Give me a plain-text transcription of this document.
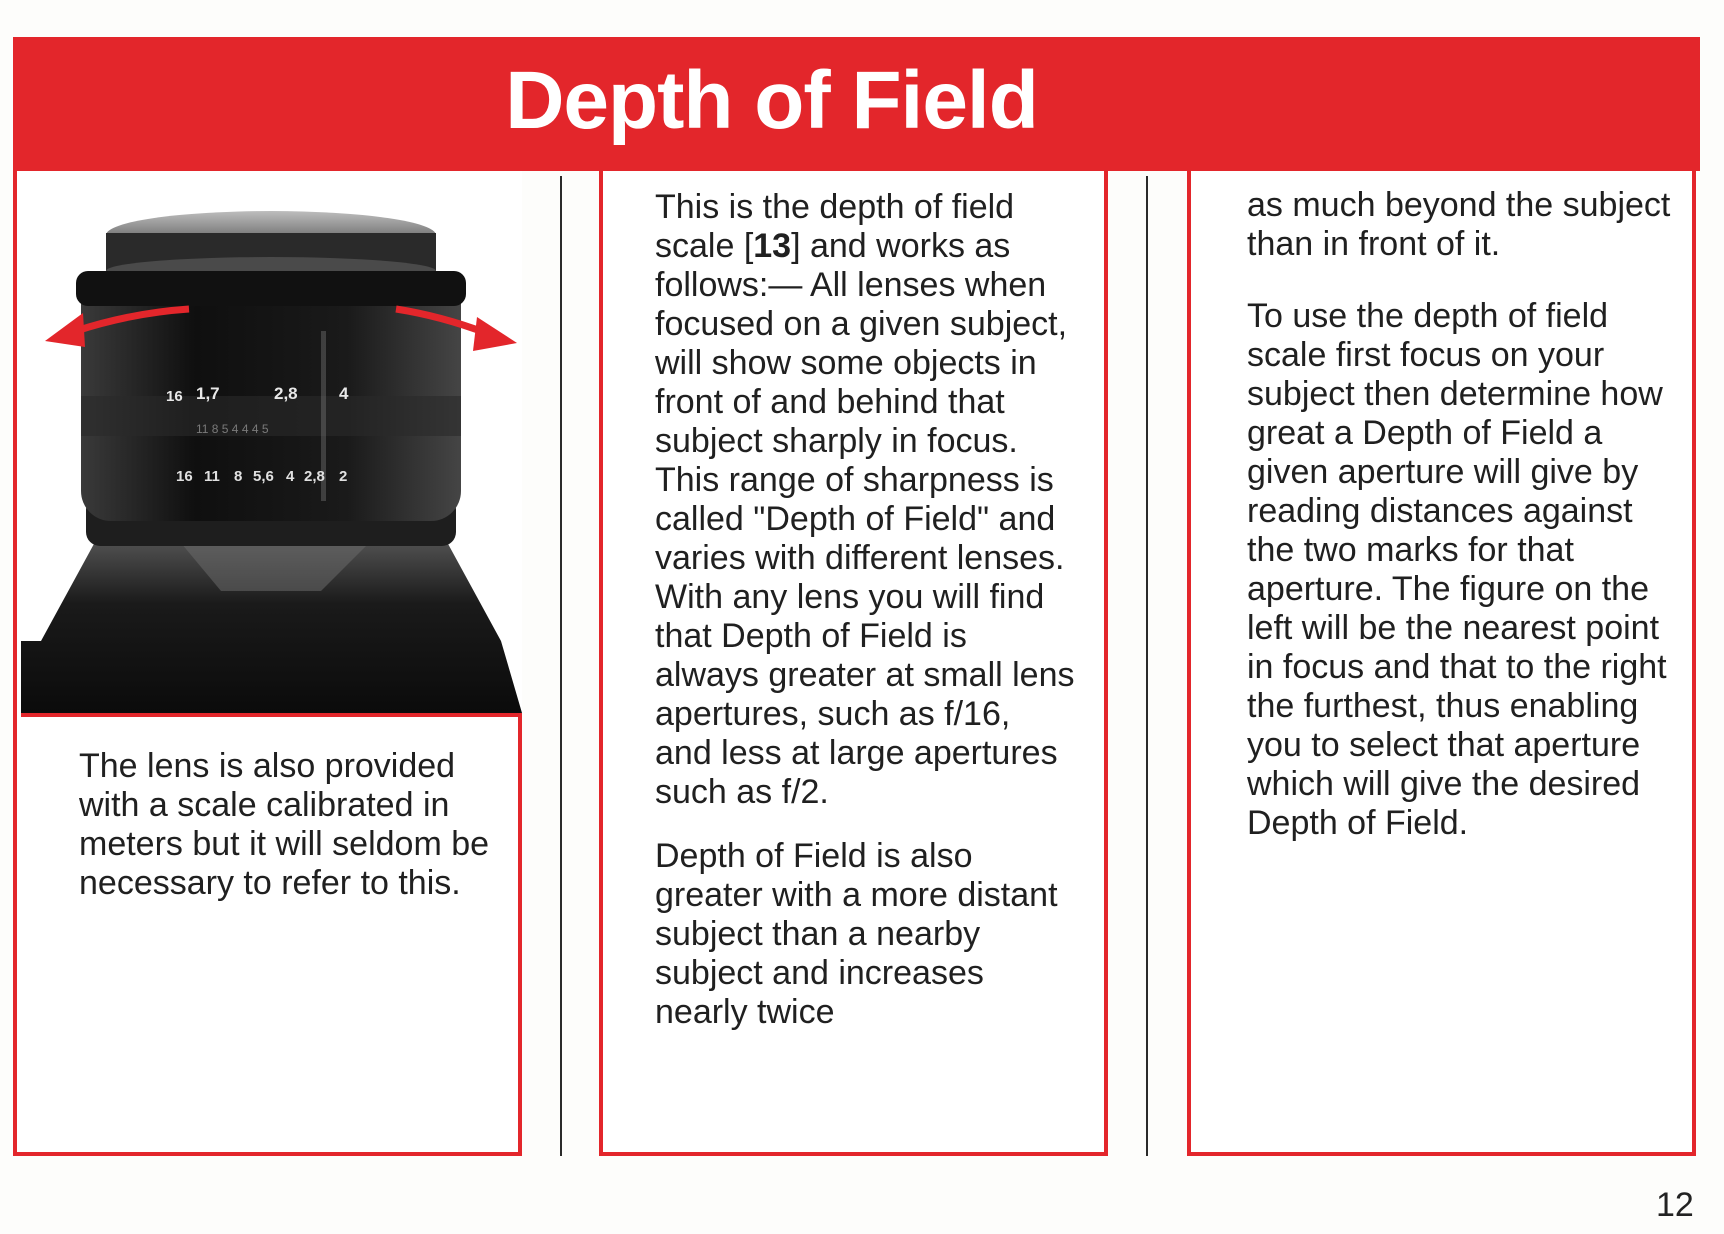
Depth of Field
16 1,7	2,8 4
11 8 5 4 4 4 5
16 11 8 5,6 4 2,8 2

The lens is also provided with a scale calibrated in meters but it will seldom be necessary to refer to this.

This is the depth of field scale [13] and works as follows:— All lenses when focused on a given subject, will show some objects in front of and behind that subject sharply in focus. This range of sharpness is called "Depth of Field" and varies with different lenses. With any lens you will find that Depth of Field is always greater at small lens apertures, such as f/16, and less at large apertures such as f/2.

Depth of Field is also greater with a more distant subject than a nearby subject and increases nearly twice

as much beyond the subject than in front of it.

To use the depth of field scale first focus on your subject then determine how great a Depth of Field a given aperture will give by reading distances against the two marks for that aperture. The figure on the left will be the nearest point in focus and that to the right the furthest, thus enabling you to select that aperture which will give the desired Depth of Field.

12
